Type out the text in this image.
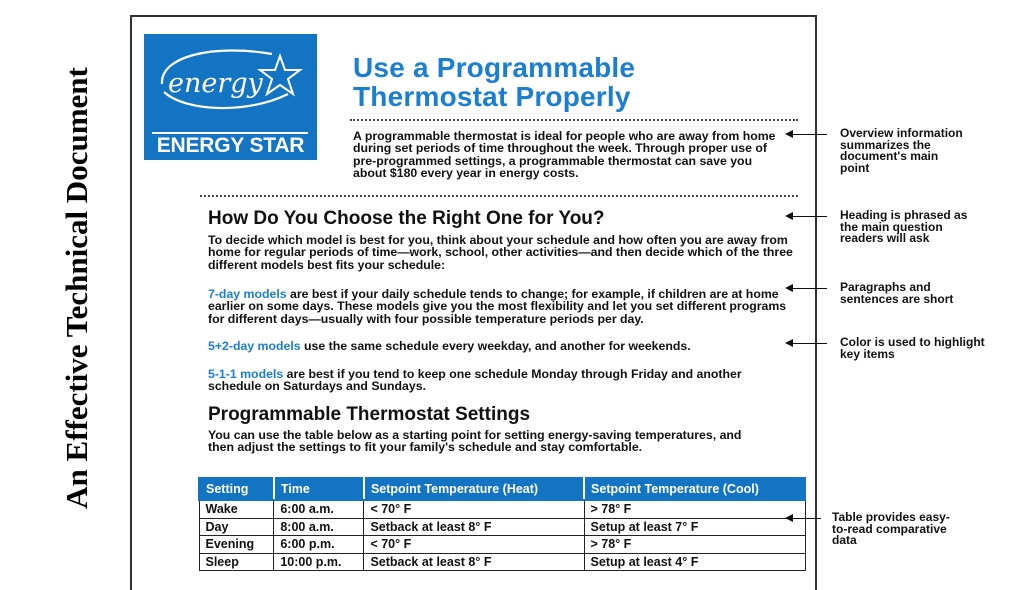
An Effective Technical Document	energy
ENERGY STAR
Use a Programmable
Thermostat Properly
A programmable thermostat is ideal for people who are away from home during set periods of time throughout the week. Through proper use of pre-programmed settings, a programmable thermostat can save you about $180 every year in energy costs.
How Do You Choose the Right One for You?
To decide which model is best for you, think about your schedule and how often you are away from home for regular periods of time—work, school, other activities—and then decide which of the three different models best fits your schedule:
7-day models are best if your daily schedule tends to change; for example, if children are at home earlier on some days. These models give you the most flexibility and let you set different programs for different days—usually with four possible temperature periods per day.
5+2-day models use the same schedule every weekday, and another for weekends.
5-1-1 models are best if you tend to keep one schedule Monday through Friday and another schedule on Saturdays and Sundays.
Programmable Thermostat Settings
You can use the table below as a starting point for setting energy-saving temperatures, and then adjust the settings to fit your family's schedule and stay comfortable.
Setting	Time	Setpoint Temperature (Heat)	Setpoint Temperature (Cool)
Wake	6:00 a.m.	< 70° F	> 78° F
Day	8:00 a.m.	Setback at least 8° F	Setup at least 7° F
Evening	6:00 p.m.	< 70° F	> 78° F
Sleep	10:00 p.m.	Setback at least 8° F	Setup at least 4° F
Overview information summarizes the document's main point
Heading is phrased as the main question readers will ask
Paragraphs and sentences are short
Color is used to highlight key items
Table provides easy-to-read comparative data
